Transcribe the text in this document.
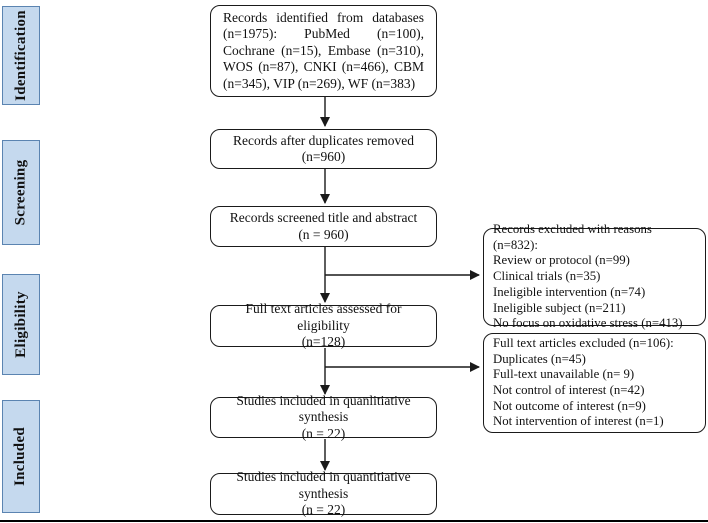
Identification
Screening
Eligibility
Included
Records identified from databases
(n=1975): PubMed (n=100),
Cochrane (n=15), Embase (n=310),
WOS (n=87), CNKI (n=466), CBM
(n=345), VIP (n=269), WF (n=383)
Records after duplicates removed
(n=960)
Records screened title and abstract
(n = 960)
Full text articles assessed for eligibility
(n=128)
Studies included in quanlitiative synthesis
(n = 22)
Studies included in quantitiative synthesis
(n = 22)
Records excluded with reasons (n=832):
Review or protocol (n=99)
Clinical trials (n=35)
Ineligible intervention (n=74)
Ineligible subject (n=211)
No focus on oxidative stress (n=413)
Full text articles excluded (n=106):
Duplicates (n=45)
Full-text unavailable (n= 9)
Not control of interest (n=42)
Not outcome of interest (n=9)
Not intervention of interest (n=1)
